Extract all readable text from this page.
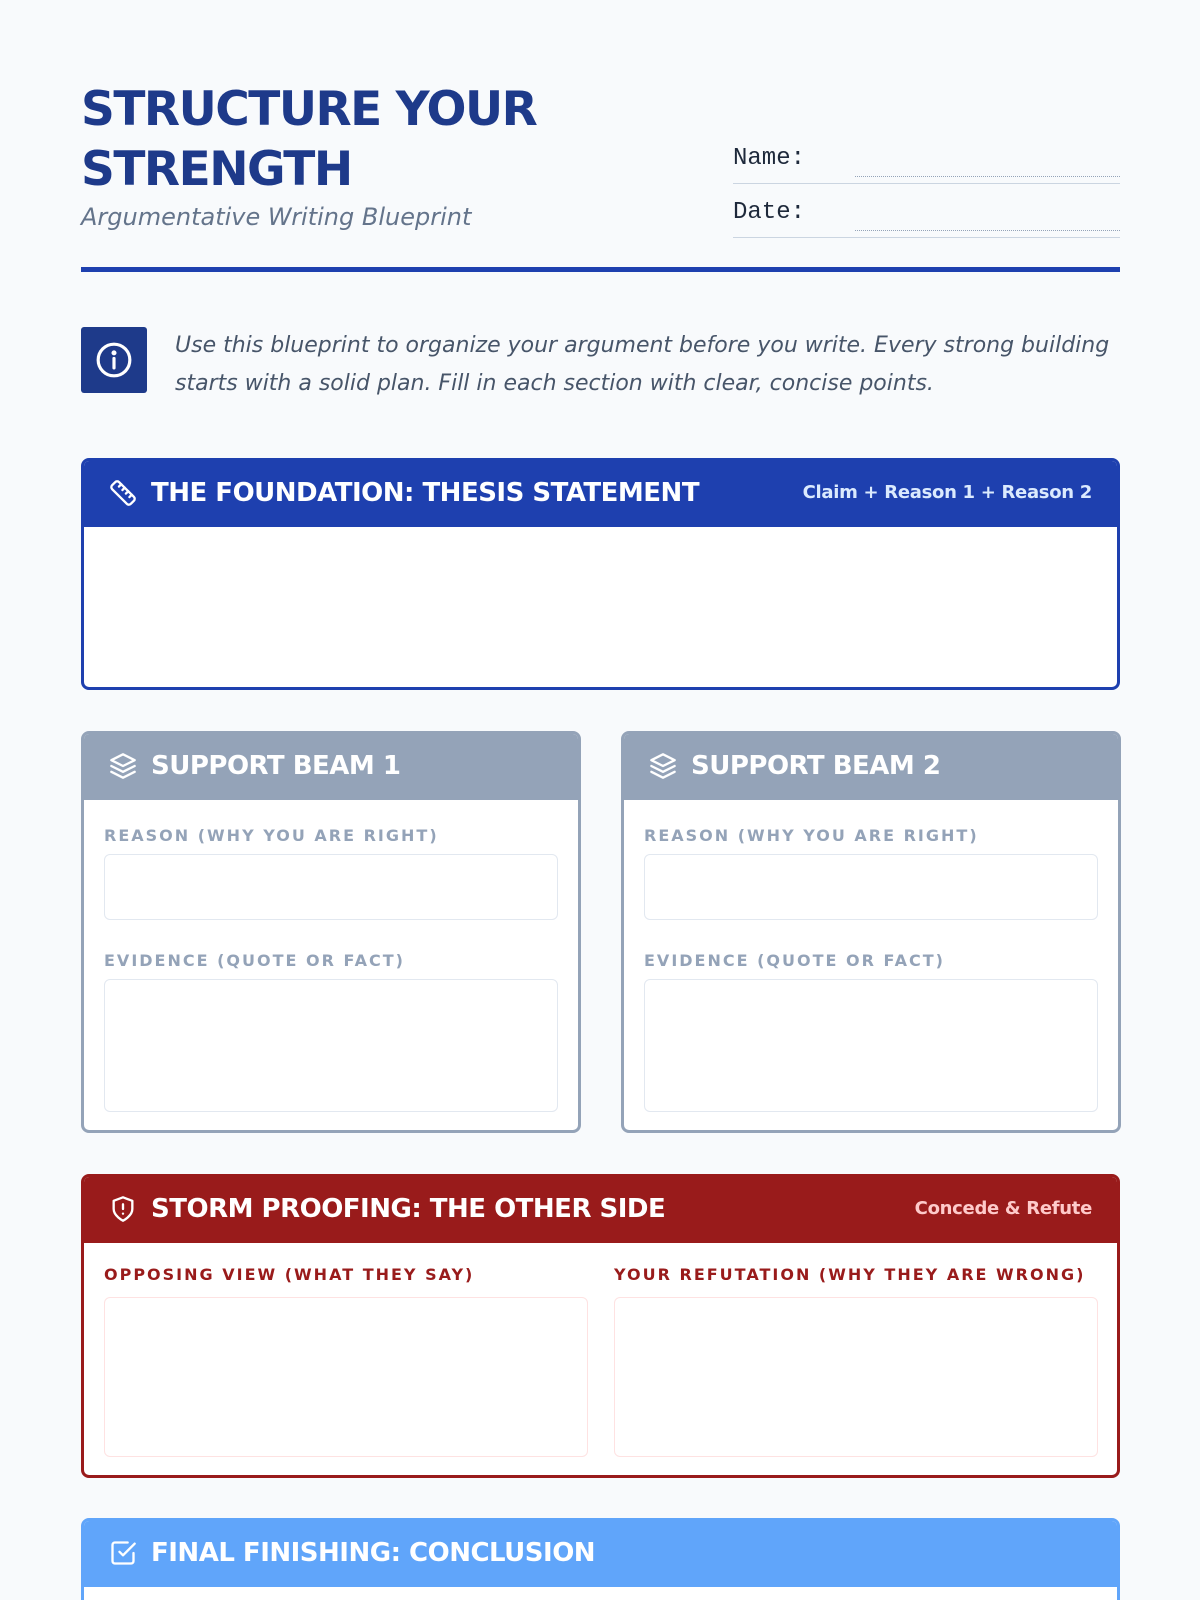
STRUCTURE YOUR
STRENGTH
Argumentative Writing Blueprint
Name:
Date:
Use this blueprint to organize your argument before you write. Every strong building starts with a solid plan. Fill in each section with clear, concise points.
THE FOUNDATION: THESIS STATEMENT	Claim + Reason 1 + Reason 2
SUPPORT BEAM 1
REASON (WHY YOU ARE RIGHT)
EVIDENCE (QUOTE OR FACT)
SUPPORT BEAM 2
REASON (WHY YOU ARE RIGHT)
EVIDENCE (QUOTE OR FACT)
STORM PROOFING: THE OTHER SIDE	Concede & Refute
OPPOSING VIEW (WHAT THEY SAY)	YOUR REFUTATION (WHY THEY ARE WRONG)
FINAL FINISHING: CONCLUSION
